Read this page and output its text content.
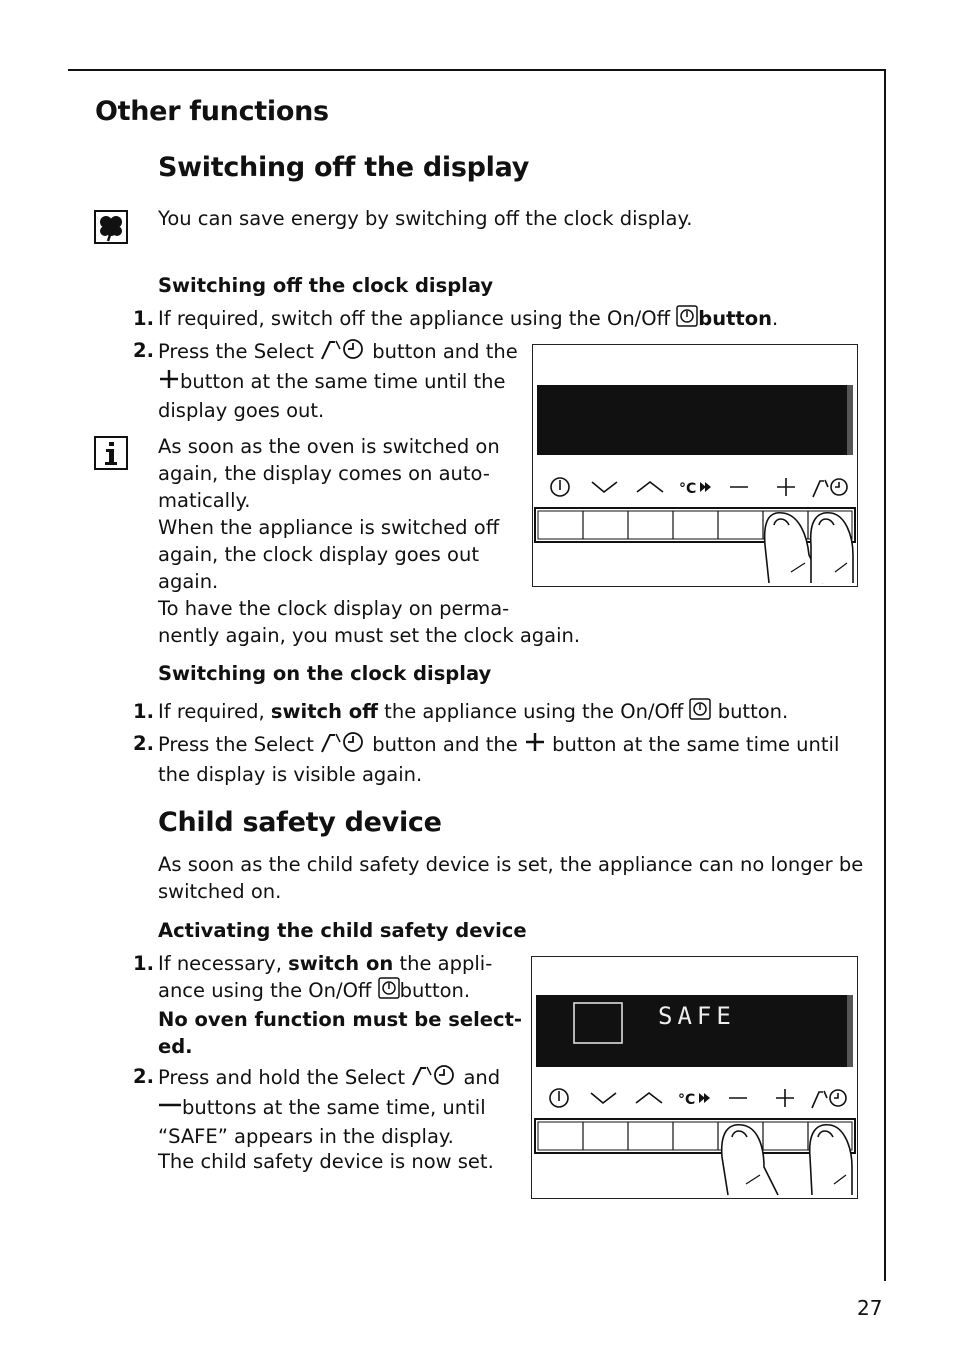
Other functions
Switching off the display
You can save energy by switching off the clock display.
Switching off the clock display
1. If required, switch off the appliance using the On/Off button.
2. Press the Select	button and the
button at the same time until the
display goes out.
As soon as the oven is switched on
again, the display comes on auto-
matically.
When the appliance is switched off
again, the clock display goes out
again.
To have the clock display on perma-
nently again, you must set the clock again.
°C
Switching on the clock display
1. If required, switch off the appliance using the On/Off button.
2. Press the Select	button and the button at the same time until
the display is visible again.
Child safety device
As soon as the child safety device is set, the appliance can no longer be
switched on.
Activating the child safety device
1. If necessary, switch on the appli-
ance using the On/Off button.
No oven function must be select-
ed.
2. Press and hold the Select	and
buttons at the same time, until
“SAFE” appears in the display.
The child safety device is now set.
SAFE
°C
27
